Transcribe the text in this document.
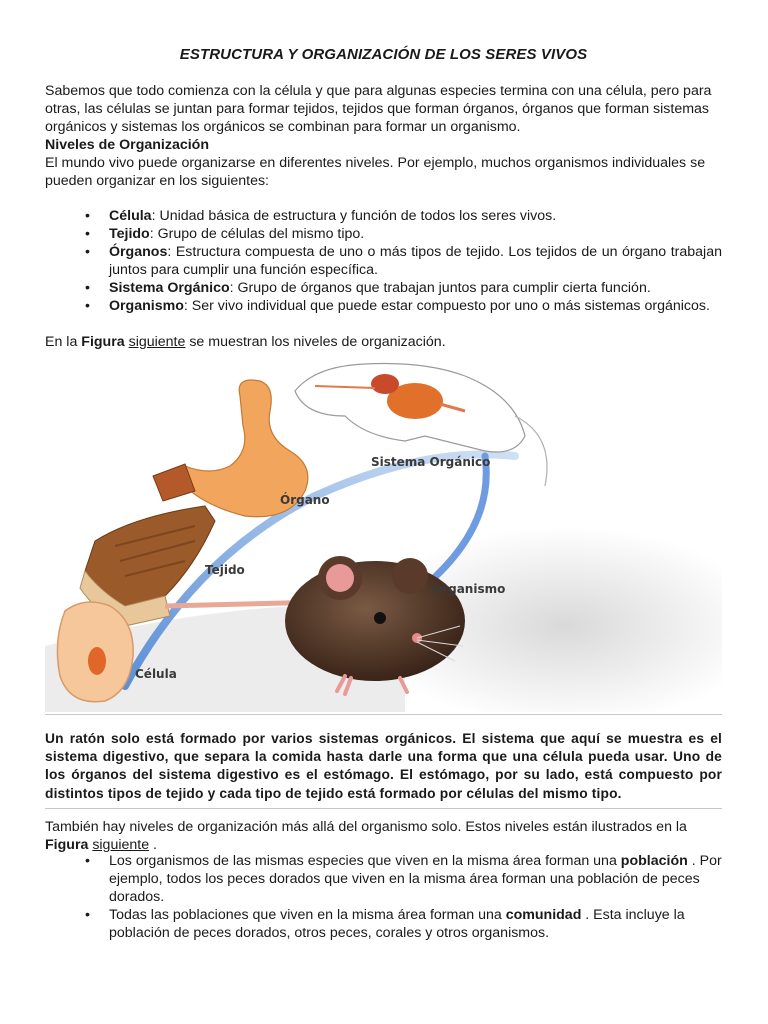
ESTRUCTURA Y ORGANIZACIÓN DE LOS SERES VIVOS

Sabemos que todo comienza con la célula y que para algunas especies termina con una célula, pero para otras, las células se juntan para formar tejidos, tejidos que forman órganos, órganos que forman sistemas orgánicos y sistemas los orgánicos se combinan para formar un organismo.

Niveles de Organización

El mundo vivo puede organizarse en diferentes niveles. Por ejemplo, muchos organismos individuales se pueden organizar en los siguientes:

• Célula: Unidad básica de estructura y función de todos los seres vivos.
• Tejido: Grupo de células del mismo tipo.
• Órganos: Estructura compuesta de uno o más tipos de tejido. Los tejidos de un órgano trabajan juntos para cumplir una función específica.
• Sistema Orgánico: Grupo de órganos que trabajan juntos para cumplir cierta función.
• Organismo: Ser vivo individual que puede estar compuesto por uno o más sistemas orgánicos.

En la Figura siguiente se muestran los niveles de organización.

Sistema Orgánico
Órgano
Tejido
Organismo
Célula

Un ratón solo está formado por varios sistemas orgánicos. El sistema que aquí se muestra es el sistema digestivo, que separa la comida hasta darle una forma que una célula pueda usar. Uno de los órganos del sistema digestivo es el estómago. El estómago, por su lado, está compuesto por distintos tipos de tejido y cada tipo de tejido está formado por células del mismo tipo.

También hay niveles de organización más allá del organismo solo. Estos niveles están ilustrados en la Figura siguiente .

• Los organismos de las mismas especies que viven en la misma área forman una población . Por ejemplo, todos los peces dorados que viven en la misma área forman una población de peces dorados.
• Todas las poblaciones que viven en la misma área forman una comunidad . Esta incluye la población de peces dorados, otros peces, corales y otros organismos.
